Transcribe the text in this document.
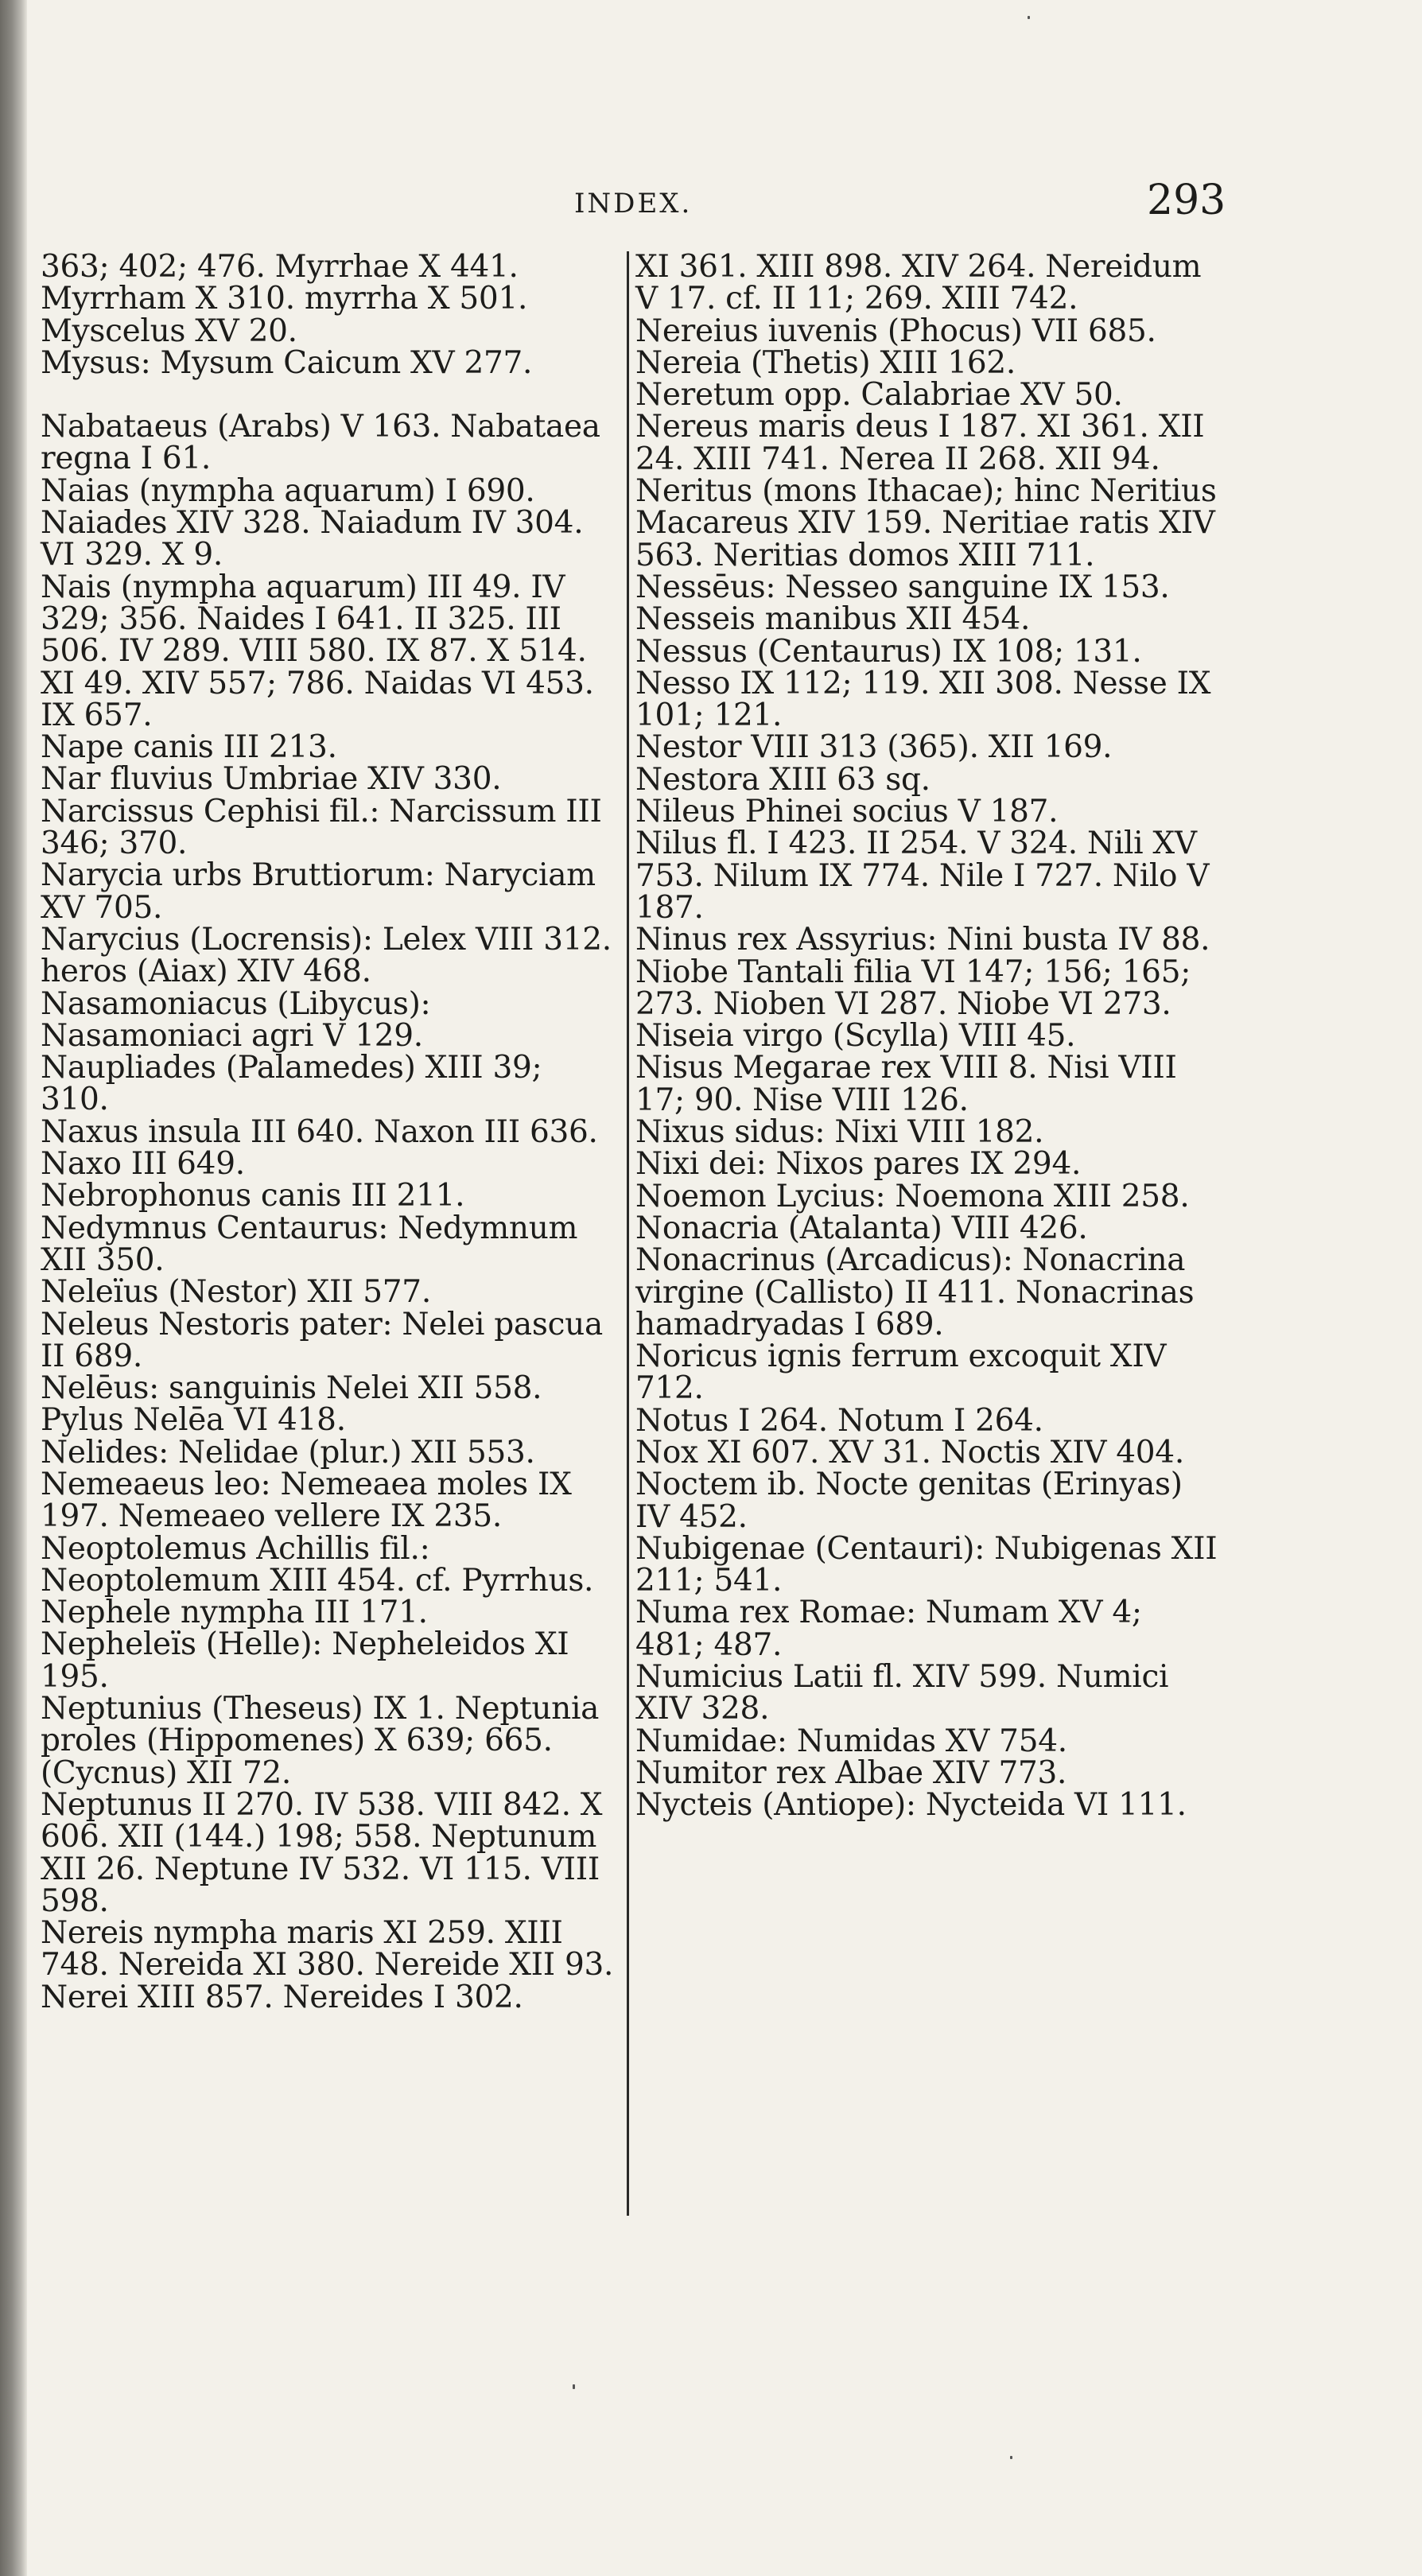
INDEX.	293

363; 402; 476. Myrrhae X 441. Myrrham X 310. myrrha X 501.

Myscelus XV 20.

Mysus: Mysum Caicum XV 277.

Nabataeus (Arabs) V 163. Nabataea regna I 61.

Naias (nympha aquarum) I 690. Naiades XIV 328. Naiadum IV 304. VI 329. X 9.

Nais (nympha aquarum) III 49. IV 329; 356. Naides I 641. II 325. III 506. IV 289. VIII 580. IX 87. X 514. XI 49. XIV 557; 786. Naidas VI 453. IX 657.

Nape canis III 213.

Nar fluvius Umbriae XIV 330.

Narcissus Cephisi fil.: Narcissum III 346; 370.

Narycia urbs Bruttiorum: Naryciam XV 705.

Narycius (Locrensis): Lelex VIII 312. heros (Aiax) XIV 468.

Nasamoniacus (Libycus): Nasamoniaci agri V 129.

Naupliades (Palamedes) XIII 39; 310.

Naxus insula III 640. Naxon III 636. Naxo III 649.

Nebrophonus canis III 211.

Nedymnus Centaurus: Nedymnum XII 350.

Neleïus (Nestor) XII 577.

Neleus Nestoris pater: Nelei pascua II 689.

Nelēus: sanguinis Nelei XII 558. Pylus Nelēa VI 418.

Nelides: Nelidae (plur.) XII 553.

Nemeaeus leo: Nemeaea moles IX 197. Nemeaeo vellere IX 235.

Neoptolemus Achillis fil.: Neoptolemum XIII 454. cf. Pyrrhus.

Nephele nympha III 171.

Nepheleïs (Helle): Nepheleidos XI 195.

Neptunius (Theseus) IX 1. Neptunia proles (Hippomenes) X 639; 665. (Cycnus) XII 72.

Neptunus II 270. IV 538. VIII 842. X 606. XII (144.) 198; 558. Neptunum XII 26. Neptune IV 532. VI 115. VIII 598.

Nereis nympha maris XI 259. XIII 748. Nereida XI 380. Nereide XII 93. Nerei XIII 857. Nereides I 302.

XI 361. XIII 898. XIV 264. Nereidum V 17. cf. II 11; 269. XIII 742.

Nereius iuvenis (Phocus) VII 685. Nereia (Thetis) XIII 162.

Neretum opp. Calabriae XV 50.

Nereus maris deus I 187. XI 361. XII 24. XIII 741. Nerea II 268. XII 94.

Neritus (mons Ithacae); hinc Neritius Macareus XIV 159. Neritiae ratis XIV 563. Neritias domos XIII 711.

Nessēus: Nesseo sanguine IX 153. Nesseis manibus XII 454.

Nessus (Centaurus) IX 108; 131. Nesso IX 112; 119. XII 308. Nesse IX 101; 121.

Nestor VIII 313 (365). XII 169. Nestora XIII 63 sq.

Nileus Phinei socius V 187.

Nilus fl. I 423. II 254. V 324. Nili XV 753. Nilum IX 774. Nile I 727. Nilo V 187.

Ninus rex Assyrius: Nini busta IV 88.

Niobe Tantali filia VI 147; 156; 165; 273. Nioben VI 287. Niobe VI 273.

Niseia virgo (Scylla) VIII 45.

Nisus Megarae rex VIII 8. Nisi VIII 17; 90. Nise VIII 126.

Nixus sidus: Nixi VIII 182.

Nixi dei: Nixos pares IX 294.

Noemon Lycius: Noemona XIII 258.

Nonacria (Atalanta) VIII 426.

Nonacrinus (Arcadicus): Nonacrina virgine (Callisto) II 411. Nonacrinas hamadryadas I 689.

Noricus ignis ferrum excoquit XIV 712.

Notus I 264. Notum I 264.

Nox XI 607. XV 31. Noctis XIV 404. Noctem ib. Nocte genitas (Erinyas) IV 452.

Nubigenae (Centauri): Nubigenas XII 211; 541.

Numa rex Romae: Numam XV 4; 481; 487.

Numicius Latii fl. XIV 599. Numici XIV 328.

Numidae: Numidas XV 754.

Numitor rex Albae XIV 773.

Nycteis (Antiope): Nycteida VI 111.
